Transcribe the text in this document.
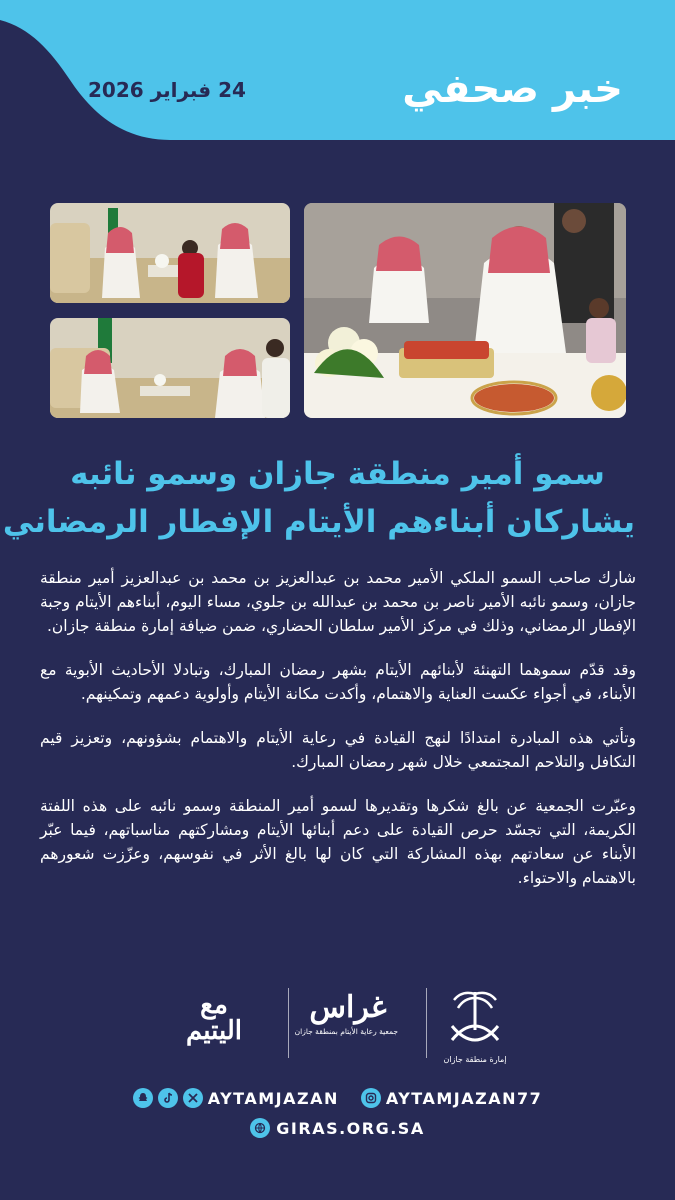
خبر صحفي
24 فبراير 2026
سمو أمير منطقة جازان وسمو نائبه
يشاركان أبناءهم الأيتام الإفطار الرمضاني

شارك صاحب السمو الملكي الأمير محمد بن عبدالعزيز بن محمد بن عبدالعزيز أمير منطقة جازان، وسمو نائبه الأمير ناصر بن محمد بن عبدالله بن جلوي، مساء اليوم، أبناءهم الأيتام وجبة الإفطار الرمضاني، وذلك في مركز الأمير سلطان الحضاري، ضمن ضيافة إمارة منطقة جازان.

وقد قدّم سموهما التهنئة لأبنائهم الأيتام بشهر رمضان المبارك، وتبادلا الأحاديث الأبوية مع الأبناء، في أجواء عكست العناية والاهتمام، وأكدت مكانة الأيتام وأولوية دعمهم وتمكينهم.

وتأتي هذه المبادرة امتدادًا لنهج القيادة في رعاية الأيتام والاهتمام بشؤونهم، وتعزيز قيم التكافل والتلاحم المجتمعي خلال شهر رمضان المبارك.

وعبّرت الجمعية عن بالغ شكرها وتقديرها لسمو أمير المنطقة وسمو نائبه على هذه اللفتة الكريمة، التي تجسّد حرص القيادة على دعم أبنائها الأيتام ومشاركتهم مناسباتهم، فيما عبّر الأبناء عن سعادتهم بهذه المشاركة التي كان لها بالغ الأثر في نفوسهم، وعزّزت شعورهم بالاهتمام والاحتواء.

مع
اليتيم
غراس
جمعية رعاية الأيتام بمنطقة جازان
إمارة منطقة جازان
AYTAMJAZAN	AYTAMJAZAN77
GIRAS.ORG.SA
